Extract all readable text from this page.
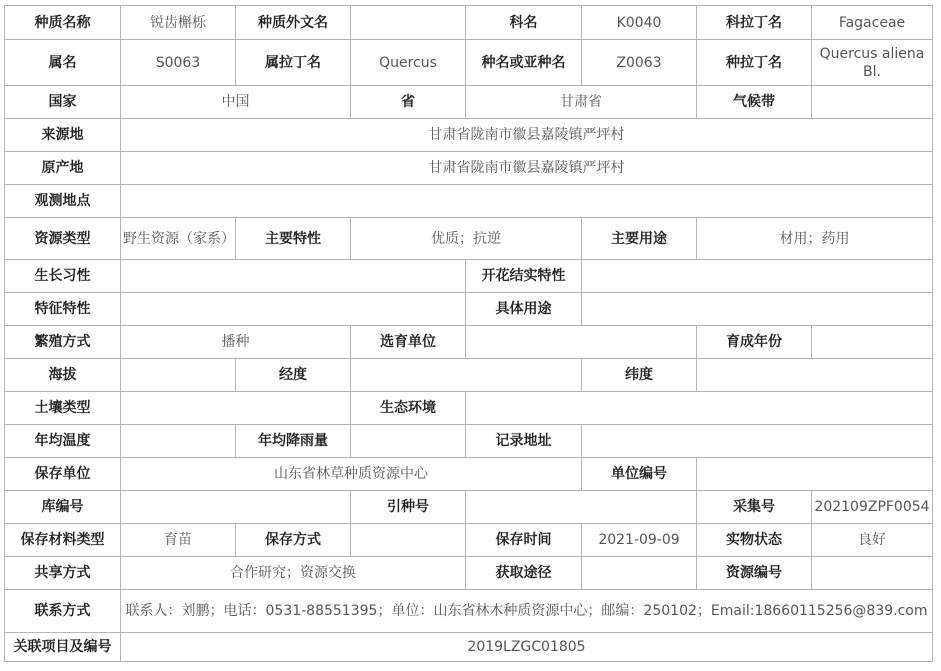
种质名称	锐齿槲栎	种质外文名		科名	K0040	科拉丁名	Fagaceae
属名	S0063	属拉丁名	Quercus	种名或亚种名	Z0063	种拉丁名	Quercus aliena Bl.
国家	中国		省	甘肃省		气候带	
来源地	甘肃省陇南市徽县嘉陵镇严坪村						
原产地	甘肃省陇南市徽县嘉陵镇严坪村						
观测地点							
资源类型	野生资源（家系）	主要特性	优质；抗逆		主要用途	材用；药用	
生长习性				开花结实特性			
特征特性				具体用途			
繁殖方式	播种		选育单位			育成年份	
海拔		经度			纬度		
土壤类型			生态环境				
年均温度		年均降雨量		记录地址			
保存单位	山东省林草种质资源中心				单位编号		
库编号			引种号			采集号	202109ZPF0054
保存材料类型	育苗	保存方式		保存时间	2021-09-09	实物状态	良好
共享方式	合作研究；资源交换			获取途径		资源编号	
联系方式	联系人：刘鹏；电话：0531-88551395；单位：山东省林木种质资源中心；邮编：250102；Email:18660115256@839.com						
关联项目及编号	2019LZGC01805						
